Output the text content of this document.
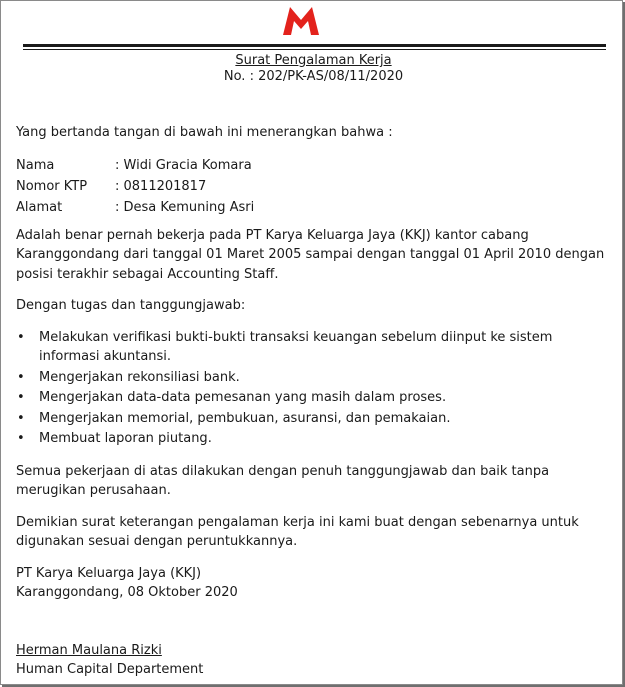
Surat Pengalaman Kerja
No. : 202/PK-AS/08/11/2020

Yang bertanda tangan di bawah ini menerangkan bahwa :

Nama	: Widi Gracia Komara
Nomor KTP	: 0811201817
Alamat	: Desa Kemuning Asri

Adalah benar pernah bekerja pada PT Karya Keluarga Jaya (KKJ) kantor cabang Karanggondang dari tanggal 01 Maret 2005 sampai dengan tanggal 01 April 2010 dengan posisi terakhir sebagai Accounting Staff.

Dengan tugas dan tanggungjawab:

• Melakukan verifikasi bukti-bukti transaksi keuangan sebelum diinput ke sistem informasi akuntansi.
• Mengerjakan rekonsiliasi bank.
• Mengerjakan data-data pemesanan yang masih dalam proses.
• Mengerjakan memorial, pembukuan, asuransi, dan pemakaian.
• Membuat laporan piutang.

Semua pekerjaan di atas dilakukan dengan penuh tanggungjawab dan baik tanpa merugikan perusahaan.

Demikian surat keterangan pengalaman kerja ini kami buat dengan sebenarnya untuk digunakan sesuai dengan peruntukkannya.

PT Karya Keluarga Jaya (KKJ)

Karanggondang, 08 Oktober 2020

Herman Maulana Rizki

Human Capital Departement
